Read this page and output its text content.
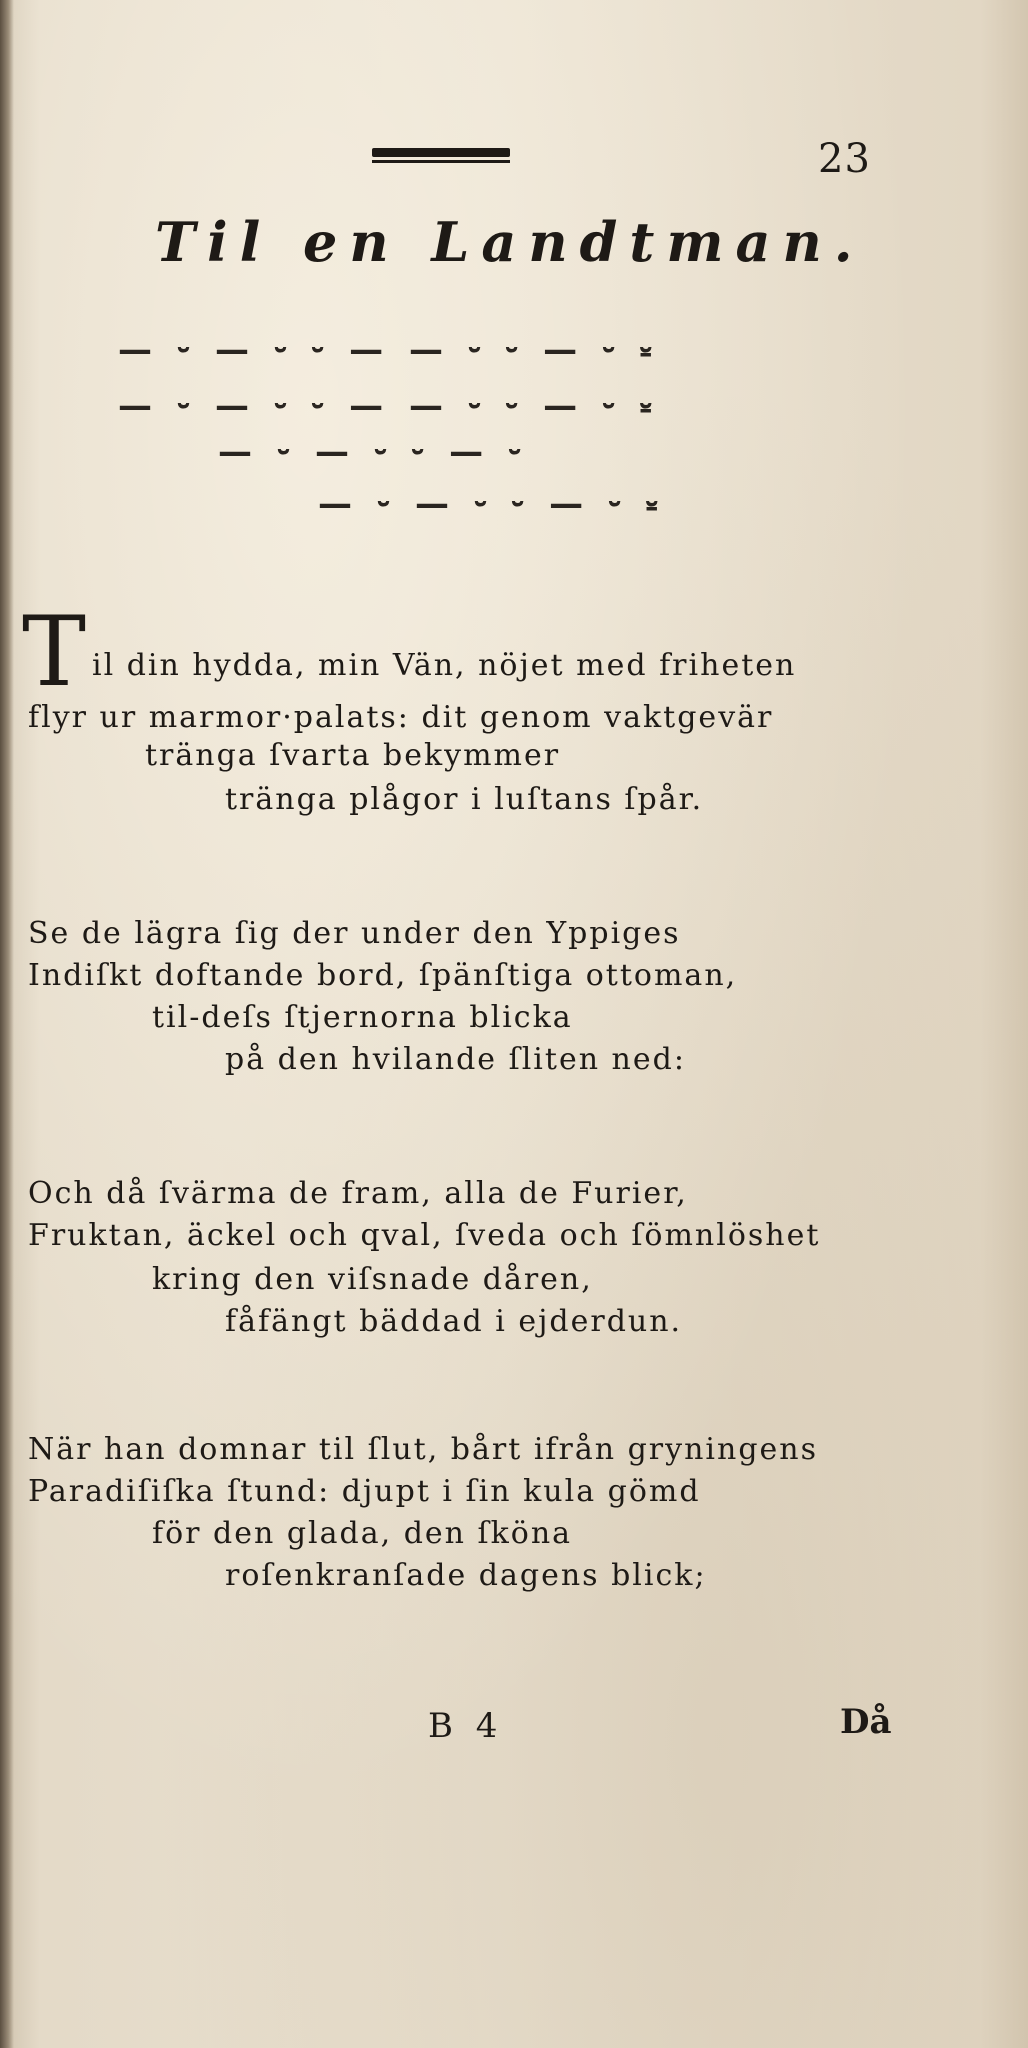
23
Til en Landtman.
— ⏑ — ⏑ ⏑ — — ⏑ ⏑ — ⏑ ⏓
— ⏑ — ⏑ ⏑ — — ⏑ ⏑ — ⏑ ⏓
— ⏑ — ⏑ ⏑ — ⏑
— ⏑ — ⏑ ⏑ — ⏑ ⏓
T il din hydda, min Vän, nöjet med friheten
flyr ur marmor·palats: dit genom vaktgevär
tränga ſvarta bekymmer
tränga plågor i luſtans ſpår.
Se de lägra ſig der under den Yppiges
Indiſkt doftande bord, ſpänſtiga ottoman,
til-deſs ſtjernorna blicka
på den hvilande ſliten ned:
Och då ſvärma de fram, alla de Furier,
Fruktan, äckel och qval, ſveda och ſömnlöshet
kring den viſsnade dåren,
fåfängt bäddad i ejderdun.
När han domnar til ſlut, bårt ifrån gryningens
Paradiſiſka ſtund: djupt i ſin kula gömd
för den glada, den ſköna
roſenkranſade dagens blick;
B 4	Då
